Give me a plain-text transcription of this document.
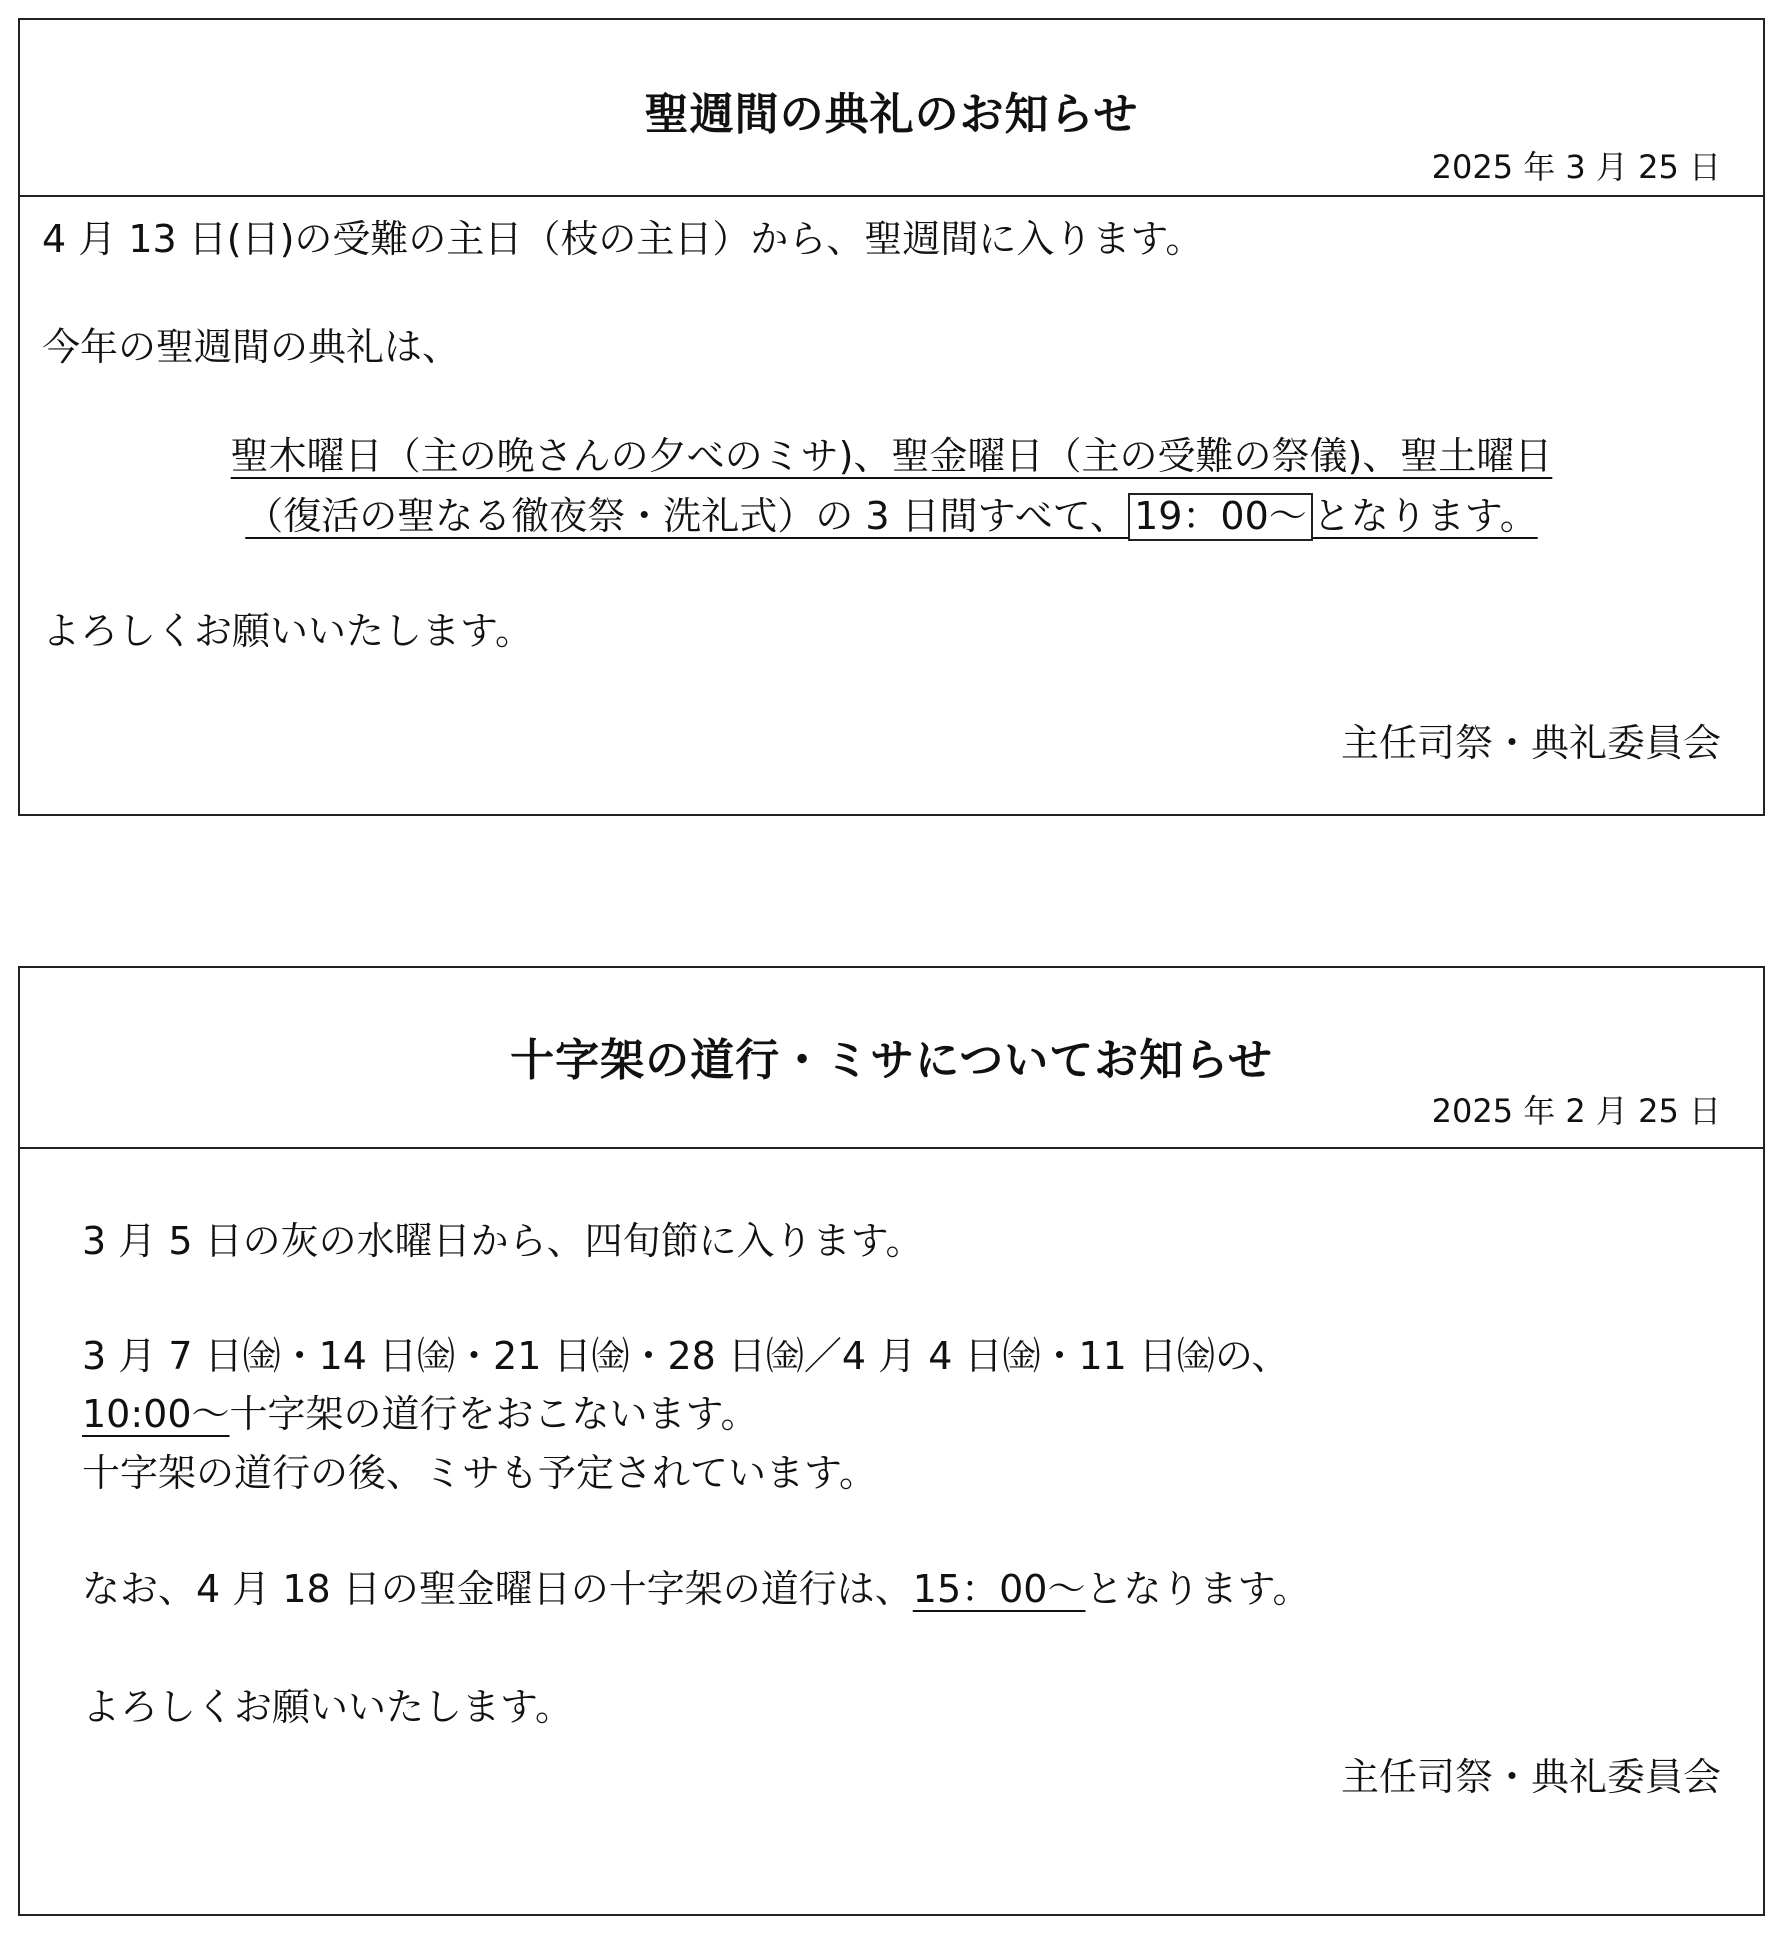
聖週間の典礼のお知らせ
2025 年 3 月 25 日
4 月 13 日(日)の受難の主日（枝の主日）から、聖週間に入ります。
今年の聖週間の典礼は、
聖木曜日（主の晩さんの夕べのミサ)、聖金曜日（主の受難の祭儀)、聖土曜日
（復活の聖なる徹夜祭・洗礼式）の 3 日間すべて、 19：00～ となります。
よろしくお願いいたします。
主任司祭・典礼委員会
十字架の道行・ミサについてお知らせ
2025 年 2 月 25 日
3 月 5 日の灰の水曜日から、四旬節に入ります。
3 月 7 日㈮・14 日㈮・21 日㈮・28 日㈮／4 月 4 日㈮・11 日㈮の、
10:00～十字架の道行をおこないます。
十字架の道行の後、ミサも予定されています。
なお、4 月 18 日の聖金曜日の十字架の道行は、15：00～となります。
よろしくお願いいたします。
主任司祭・典礼委員会
